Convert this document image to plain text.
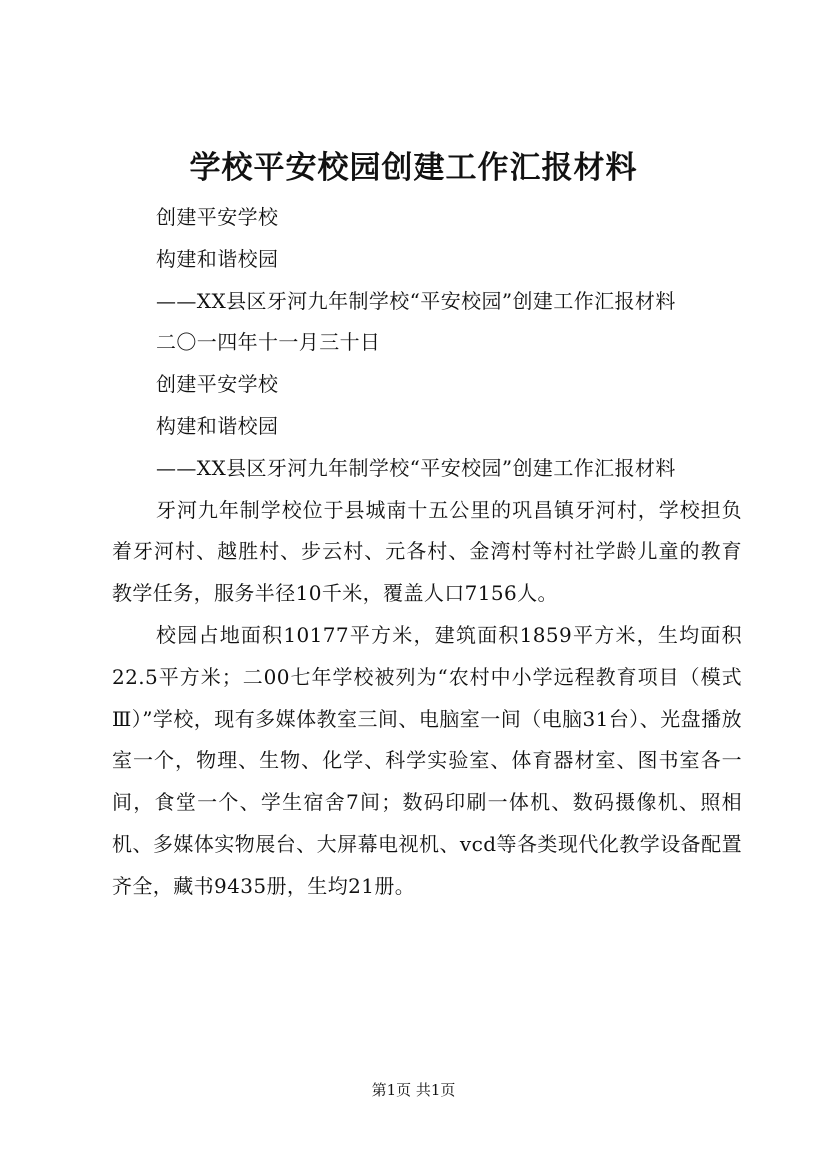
学校平安校园创建工作汇报材料

创建平安学校

构建和谐校园

——XX县区牙河九年制学校“平安校园”创建工作汇报材料

二〇一四年十一月三十日

创建平安学校

构建和谐校园

——XX县区牙河九年制学校“平安校园”创建工作汇报材料

牙河九年制学校位于县城南十五公里的巩昌镇牙河村，学校担负着牙河村、越胜村、步云村、元各村、金湾村等村社学龄儿童的教育教学任务，服务半径10千米，覆盖人口7156人。

校园占地面积10177平方米，建筑面积1859平方米，生均面积22.5平方米；二00七年学校被列为“农村中小学远程教育项目（模式Ⅲ）”学校，现有多媒体教室三间、电脑室一间（电脑31台）、光盘播放室一个，物理、生物、化学、科学实验室、体育器材室、图书室各一间，食堂一个、学生宿舍7间；数码印刷一体机、数码摄像机、照相机、多媒体实物展台、大屏幕电视机、vcd等各类现代化教学设备配置齐全，藏书9435册，生均21册。

第1页 共1页
